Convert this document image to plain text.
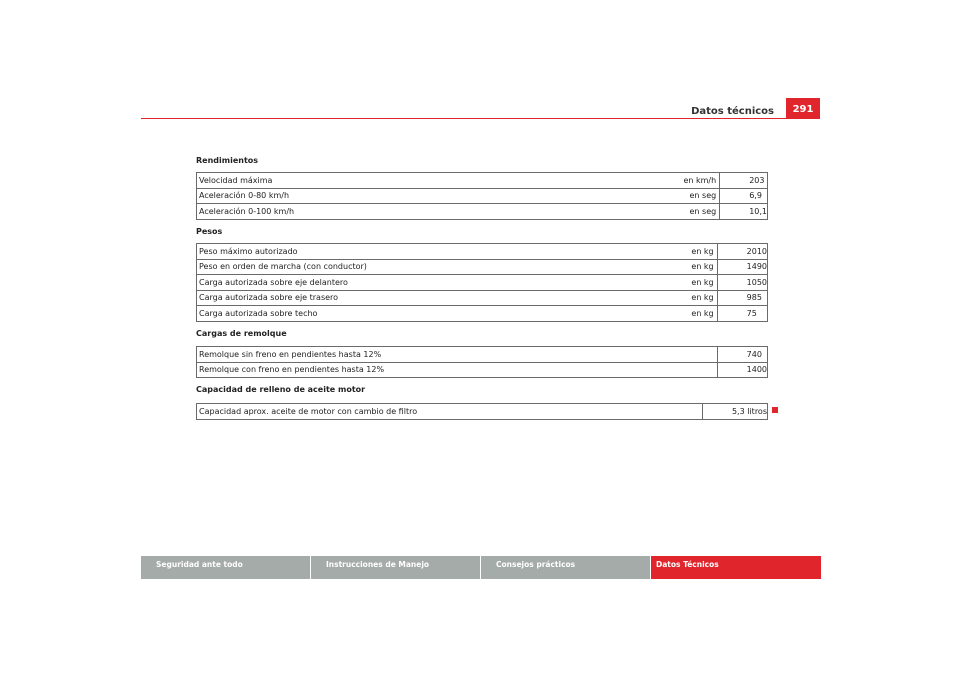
Datos técnicos	291
Rendimientos
Velocidad máxima	en km/h	203
Aceleración 0-80 km/h	en seg	6,9
Aceleración 0-100 km/h	en seg	10,1
Pesos
Peso máximo autorizado	en kg	2010
Peso en orden de marcha (con conductor)	en kg	1490
Carga autorizada sobre eje delantero	en kg	1050
Carga autorizada sobre eje trasero	en kg	985
Carga autorizada sobre techo	en kg	75
Cargas de remolque
Remolque sin freno en pendientes hasta 12%		740
Remolque con freno en pendientes hasta 12%		1400
Capacidad de relleno de aceite motor
Capacidad aprox. aceite de motor con cambio de filtro		5,3 litros
Seguridad ante todo	Instrucciones de Manejo	Consejos prácticos	Datos Técnicos
